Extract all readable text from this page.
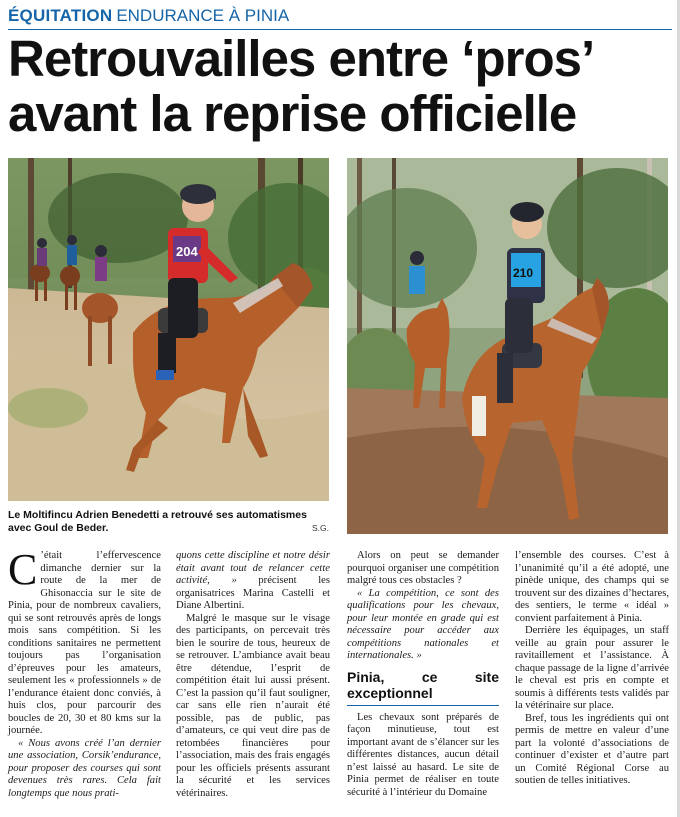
ÉQUITATION ENDURANCE À PINIA
Retrouvailles entre ‘pros’
avant la reprise officielle
204
210
Le Moltifincu Adrien Benedetti a retrouvé ses automatismes avec Goul de Beder.	S.G.

C ’était l’effervescence dimanche dernier sur la route de la mer de Ghisonaccia sur le site de Pinia, pour de nombreux cavaliers, qui se sont retrouvés après de longs mois sans compétition. Si les conditions sanitaires ne permettent toujours pas l’organisation d’épreuves pour les amateurs, seulement les « professionnels » de l’endurance étaient donc conviés, à huis clos, pour parcourir des boucles de 20, 30 et 80 kms sur la journée.

« Nous avons créé l’an dernier une association, Corsik’endurance, pour proposer des courses qui sont devenues très rares. Cela fait longtemps que nous prati-

quons cette discipline et notre désir était avant tout de relancer cette activité, » précisent les organisatrices Marina Castelli et Diane Albertini.

Malgré le masque sur le visage des participants, on percevait très bien le sourire de tous, heureux de se retrouver. L’ambiance avait beau être détendue, l’esprit de compétition était lui aussi présent. C’est la passion qu’il faut souligner, car sans elle rien n’aurait été possible, pas de public, pas d’amateurs, ce qui veut dire pas de retombées financières pour l’association, mais des frais engagés pour les officiels présents assurant la sécurité et les services vétérinaires.

Alors on peut se demander pourquoi organiser une compétition malgré tous ces obstacles ?

« La compétition, ce sont des qualifications pour les chevaux, pour leur montée en grade qui est nécessaire pour accéder aux compétitions nationales et internationales. »

Pinia, ce site exceptionnel

Les chevaux sont préparés de façon minutieuse, tout est important avant de s’élancer sur les différentes distances, aucun détail n’est laissé au hasard. Le site de Pinia permet de réaliser en toute sécurité à l’intérieur du Domaine

l’ensemble des courses. C’est à l’unanimité qu’il a été adopté, une pinède unique, des champs qui se trouvent sur des dizaines d’hectares, des sentiers, le terme « idéal » convient parfaitement à Pinia.

Derrière les équipages, un staff veille au grain pour assurer le ravitaillement et l’assistance. À chaque passage de la ligne d’arrivée le cheval est pris en compte et soumis à différents tests validés par la vétérinaire sur place.

Bref, tous les ingrédients qui ont permis de mettre en valeur d’une part la volonté d’associations de continuer d’exister et d’autre part un Comité Régional Corse au soutien de telles initiatives.
